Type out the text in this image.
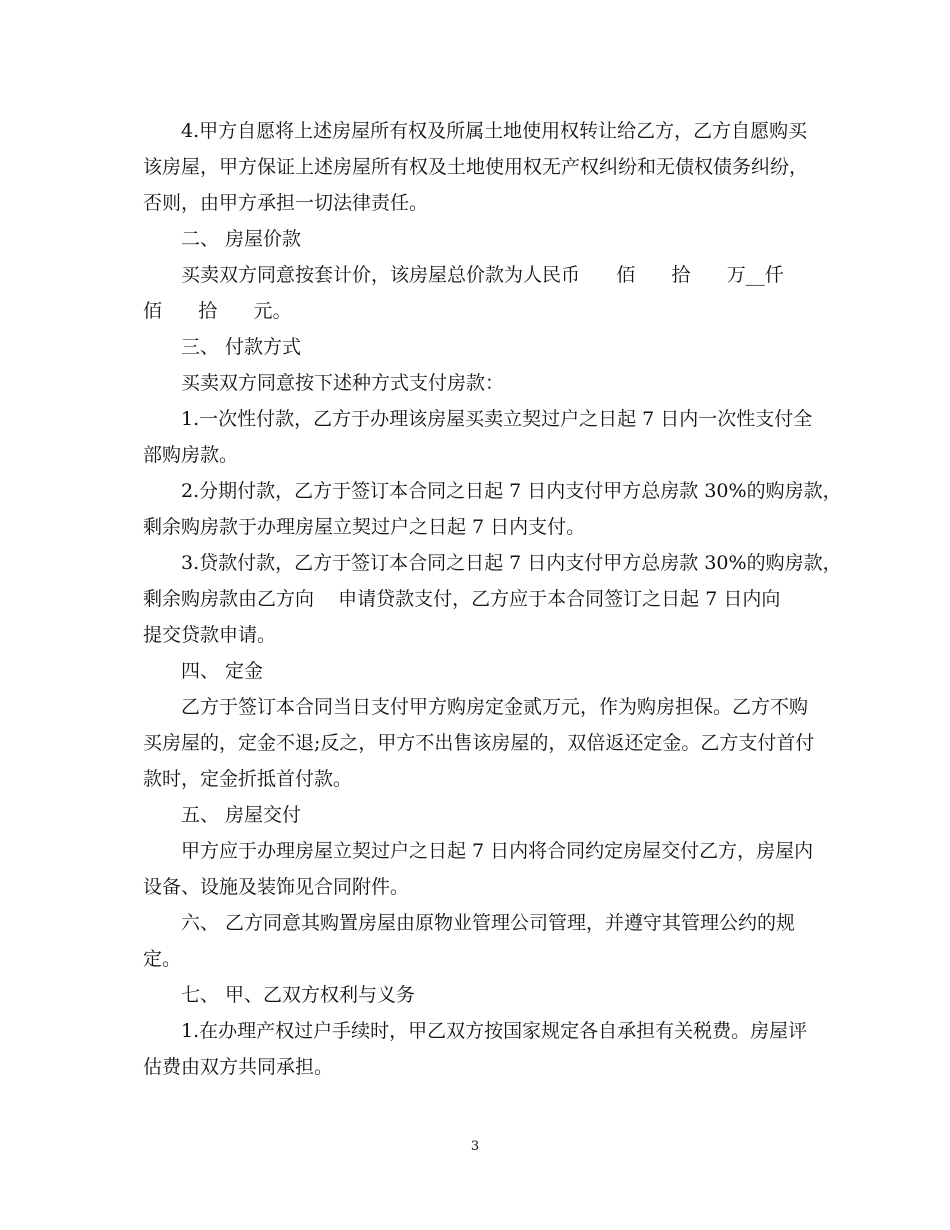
4.甲方自愿将上述房屋所有权及所属土地使用权转让给乙方，乙方自愿购买
该房屋，甲方保证上述房屋所有权及土地使用权无产权纠纷和无债权债务纠纷，
否则，由甲方承担一切法律责任。
二、 房屋价款
买卖双方同意按套计价，该房屋总价款为人民币      佰      拾      万__仟
佰      拾      元。
三、 付款方式
买卖双方同意按下述种方式支付房款：
1.一次性付款，乙方于办理该房屋买卖立契过户之日起 7 日内一次性支付全
部购房款。
2.分期付款，乙方于签订本合同之日起 7 日内支付甲方总房款 30%的购房款，
剩余购房款于办理房屋立契过户之日起 7 日内支付。
3.贷款付款，乙方于签订本合同之日起 7 日内支付甲方总房款 30%的购房款，
剩余购房款由乙方向    申请贷款支付，乙方应于本合同签订之日起 7 日内向
提交贷款申请。
四、 定金
乙方于签订本合同当日支付甲方购房定金贰万元，作为购房担保。乙方不购
买房屋的，定金不退;反之，甲方不出售该房屋的，双倍返还定金。乙方支付首付
款时，定金折抵首付款。
五、 房屋交付
甲方应于办理房屋立契过户之日起 7 日内将合同约定房屋交付乙方，房屋内
设备、设施及装饰见合同附件。
六、 乙方同意其购置房屋由原物业管理公司管理，并遵守其管理公约的规
定。
七、 甲、乙双方权利与义务
1.在办理产权过户手续时，甲乙双方按国家规定各自承担有关税费。房屋评
估费由双方共同承担。
3
